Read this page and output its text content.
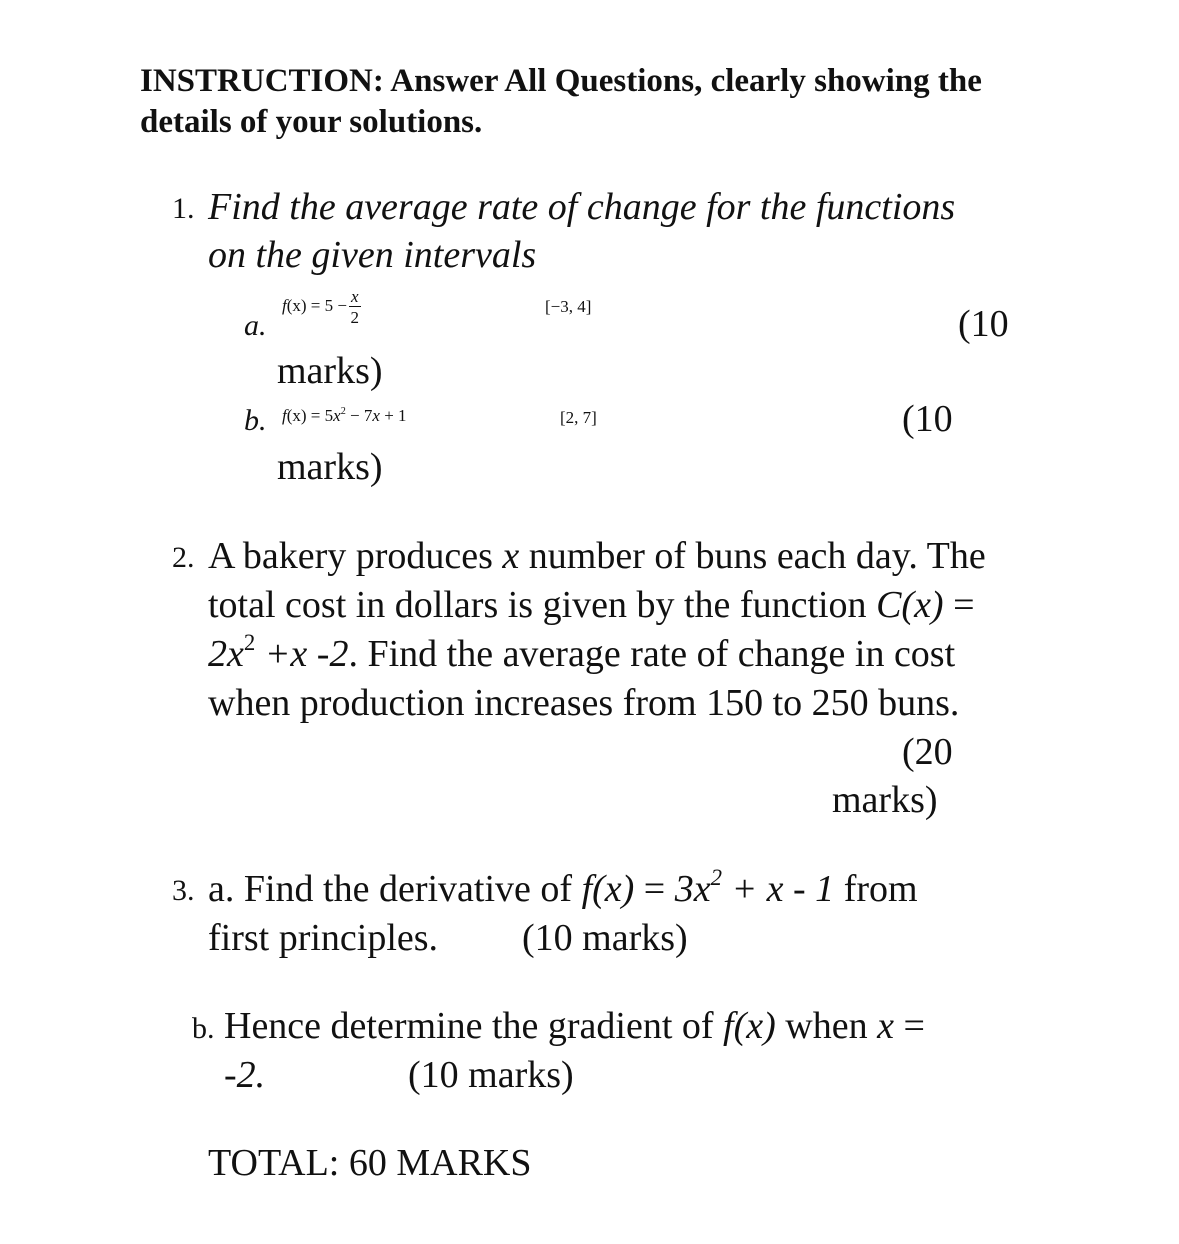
INSTRUCTION: Answer All Questions, clearly showing the
details of your solutions.
1. Find the average rate of change for the functions
on the given intervals
a.
$f(x) = 5 - \frac{x}{2}$	[−3, 4]	(10
marks)
b. $f(x) = 5x^2 - 7x + 1$	[2, 7]	(10
marks)
2. A bakery produces x number of buns each day. The
total cost in dollars is given by the function C(x) =
$2x^2 +x$ -2. Find the average rate of change in cost
when production increases from 150 to 250 buns.
(20
marks)
3. a. Find the derivative of $f(x) = 3x^2 + x - 1$ from
first principles. (10 marks)
b. Hence determine the gradient of f(x) when x =
-2.	(10 marks)
TOTAL: 60 MARKS
